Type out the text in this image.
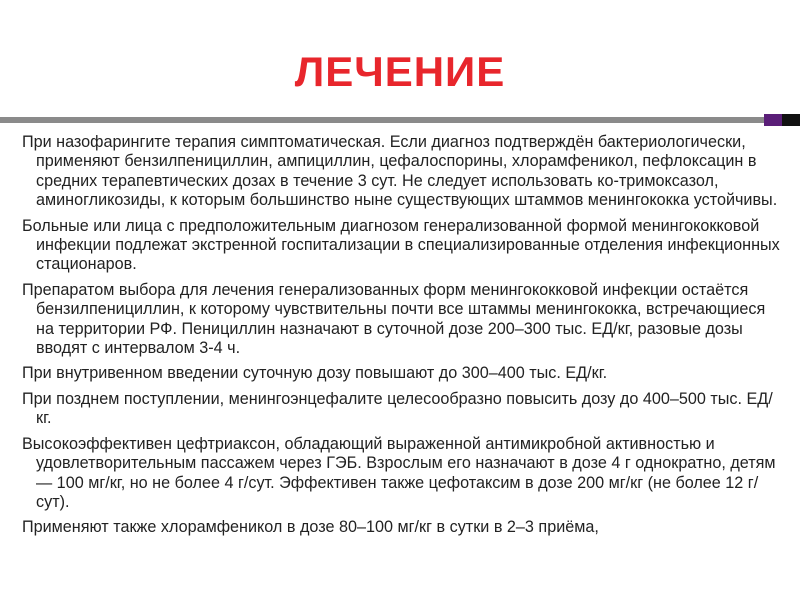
ЛЕЧЕНИЕ

При назофарингите терапия симптоматическая. Если диагноз подтверждён бактериологически, применяют бензилпенициллин, ампициллин, цефалоспорины, хлорамфеникол, пефлоксацин в средних терапевтических дозах в течение 3 сут. Не следует использовать ко-тримоксазол, аминогликозиды, к которым большинство ныне существующих штаммов менингококка устойчивы.

Больные или лица с предположительным диагнозом генерализованной формой менингококковой инфекции подлежат экстренной госпитализации в специализированные отделения инфекционных стационаров.

Препаратом выбора для лечения генерализованных форм менингококковой инфекции остаётся бензилпенициллин, к которому чувствительны почти все штаммы менингококка, встречающиеся на территории РФ. Пенициллин назначают в суточной дозе 200–300 тыс. ЕД/кг, разовые дозы вводят с интервалом 3-4 ч.

При внутривенном введении суточную дозу повышают до 300–400 тыс. ЕД/кг.

При позднем поступлении, менингоэнцефалите целесообразно повысить дозу до 400–500 тыс. ЕД/кг.

Высокоэффективен цефтриаксон, обладающий выраженной антимикробной активностью и удовлетворительным пассажем через ГЭБ. Взрослым его назначают в дозе 4 г однократно, детям — 100 мг/кг, но не более 4 г/сут. Эффективен также цефотаксим в дозе 200 мг/кг (не более 12 г/сут).

Применяют также хлорамфеникол в дозе 80–100 мг/кг в сутки в 2–3 приёма,
